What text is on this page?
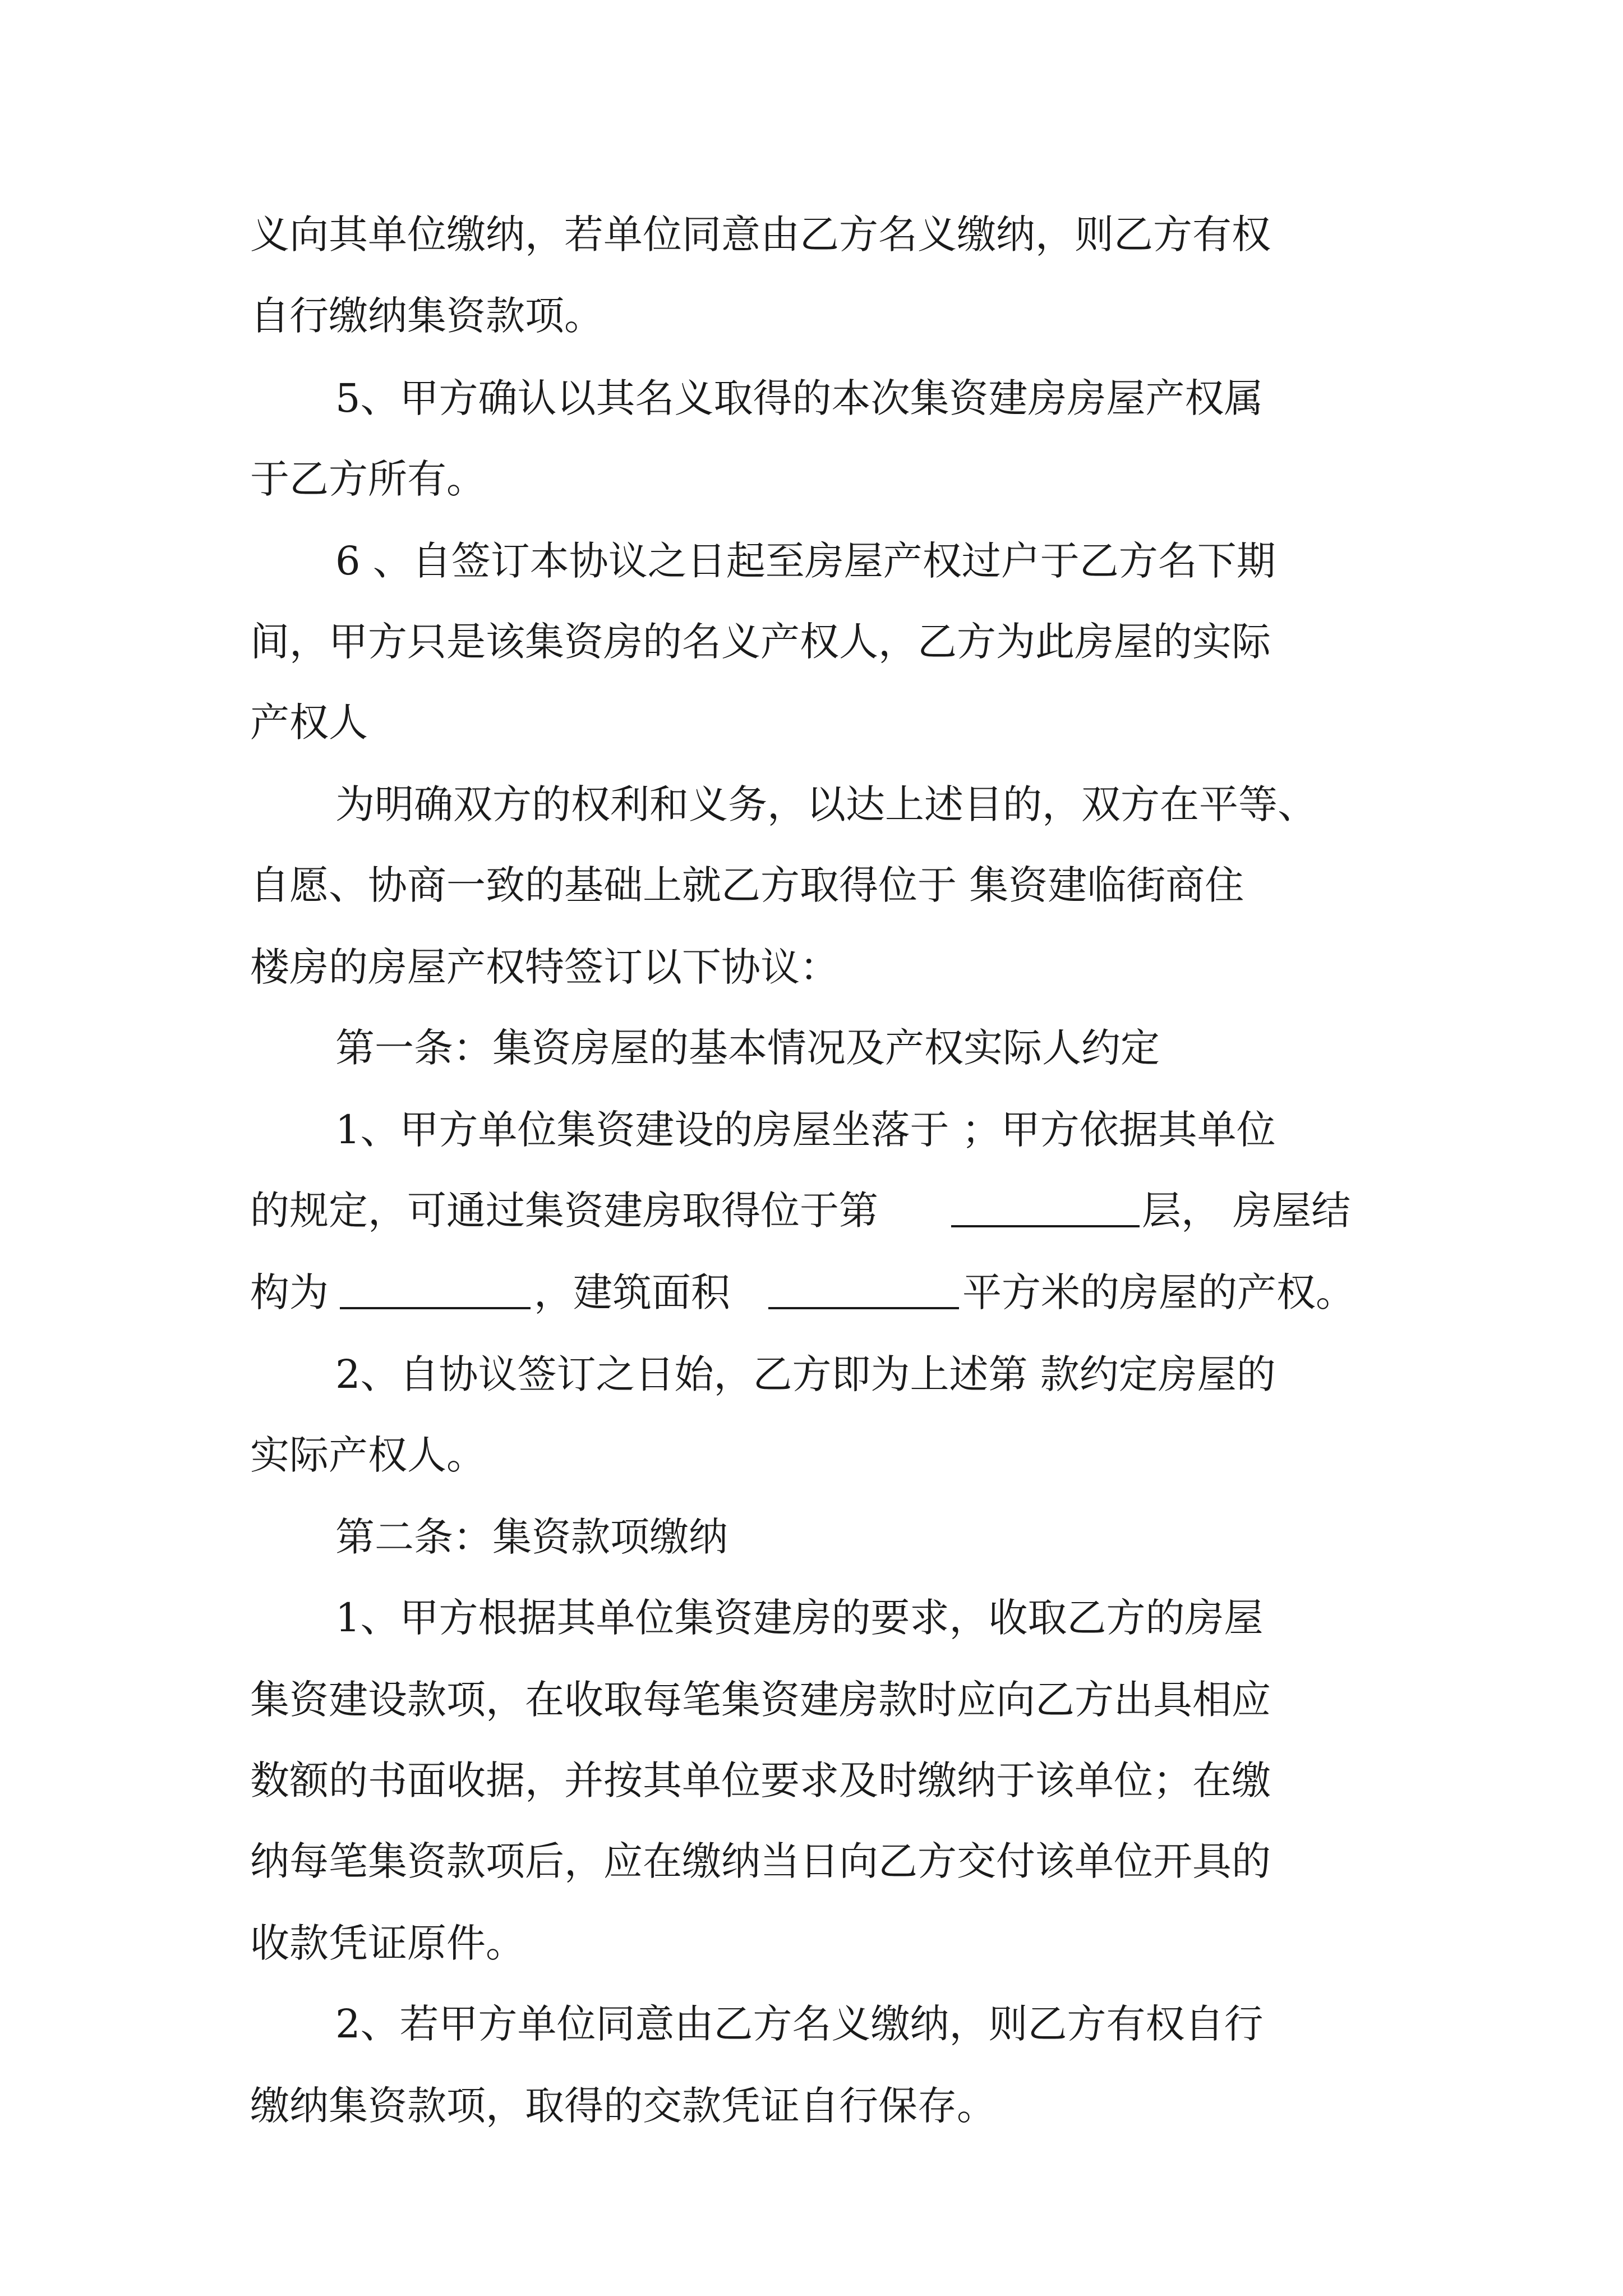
义向其单位缴纳，若单位同意由乙方名义缴纳，则乙方有权
自行缴纳集资款项。
5、甲方确认以其名义取得的本次集资建房房屋产权属
于乙方所有。
6 、自签订本协议之日起至房屋产权过户于乙方名下期
间，甲方只是该集资房的名义产权人，乙方为此房屋的实际
产权人
为明确双方的权利和义务，以达上述目的，双方在平等、
自愿、协商一致的基础上就乙方取得位于 集资建临街商住
楼房的房屋产权特签订以下协议：
第一条：集资房屋的基本情况及产权实际人约定
1、甲方单位集资建设的房屋坐落于 ；甲方依据其单位
的规定，可通过集资建房取得位于第	层， 房屋结
构为	，建筑面积	平方米的房屋的产权。
2、自协议签订之日始，乙方即为上述第 款约定房屋的
实际产权人。
第二条：集资款项缴纳
1、甲方根据其单位集资建房的要求，收取乙方的房屋
集资建设款项，在收取每笔集资建房款时应向乙方出具相应
数额的书面收据，并按其单位要求及时缴纳于该单位；在缴
纳每笔集资款项后，应在缴纳当日向乙方交付该单位开具的
收款凭证原件。
2、若甲方单位同意由乙方名义缴纳，则乙方有权自行
缴纳集资款项，取得的交款凭证自行保存。
